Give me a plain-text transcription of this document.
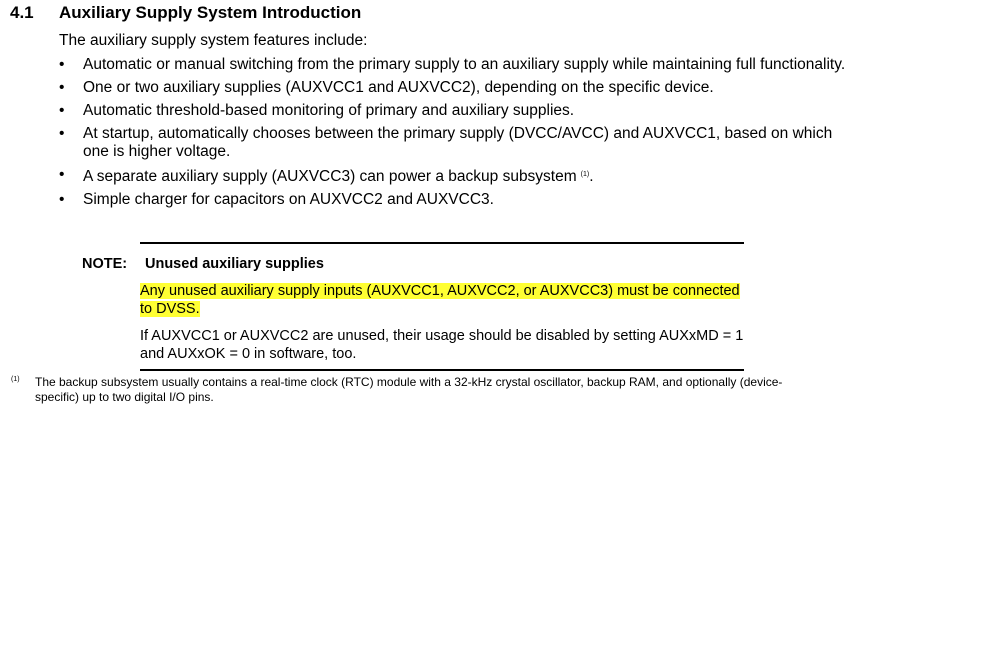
4.1 Auxiliary Supply System Introduction
The auxiliary supply system features include:
• Automatic or manual switching from the primary supply to an auxiliary supply while maintaining full functionality.
• One or two auxiliary supplies (AUXVCC1 and AUXVCC2), depending on the specific device.
• Automatic threshold-based monitoring of primary and auxiliary supplies.
• At startup, automatically chooses between the primary supply (DVCC/AVCC) and AUXVCC1, based on which one is higher voltage.
• A separate auxiliary supply (AUXVCC3) can power a backup subsystem $^{(1)}$.
• Simple charger for capacitors on AUXVCC2 and AUXVCC3.
NOTE: Unused auxiliary supplies
Any unused auxiliary supply inputs (AUXVCC1, AUXVCC2, or AUXVCC3) must be connected to DVSS.
If AUXVCC1 or AUXVCC2 are unused, their usage should be disabled by setting AUXxMD = 1 and AUXxOK = 0 in software, too.
(1) The backup subsystem usually contains a real-time clock (RTC) module with a 32-kHz crystal oscillator, backup RAM, and optionally (device-specific) up to two digital I/O pins.
